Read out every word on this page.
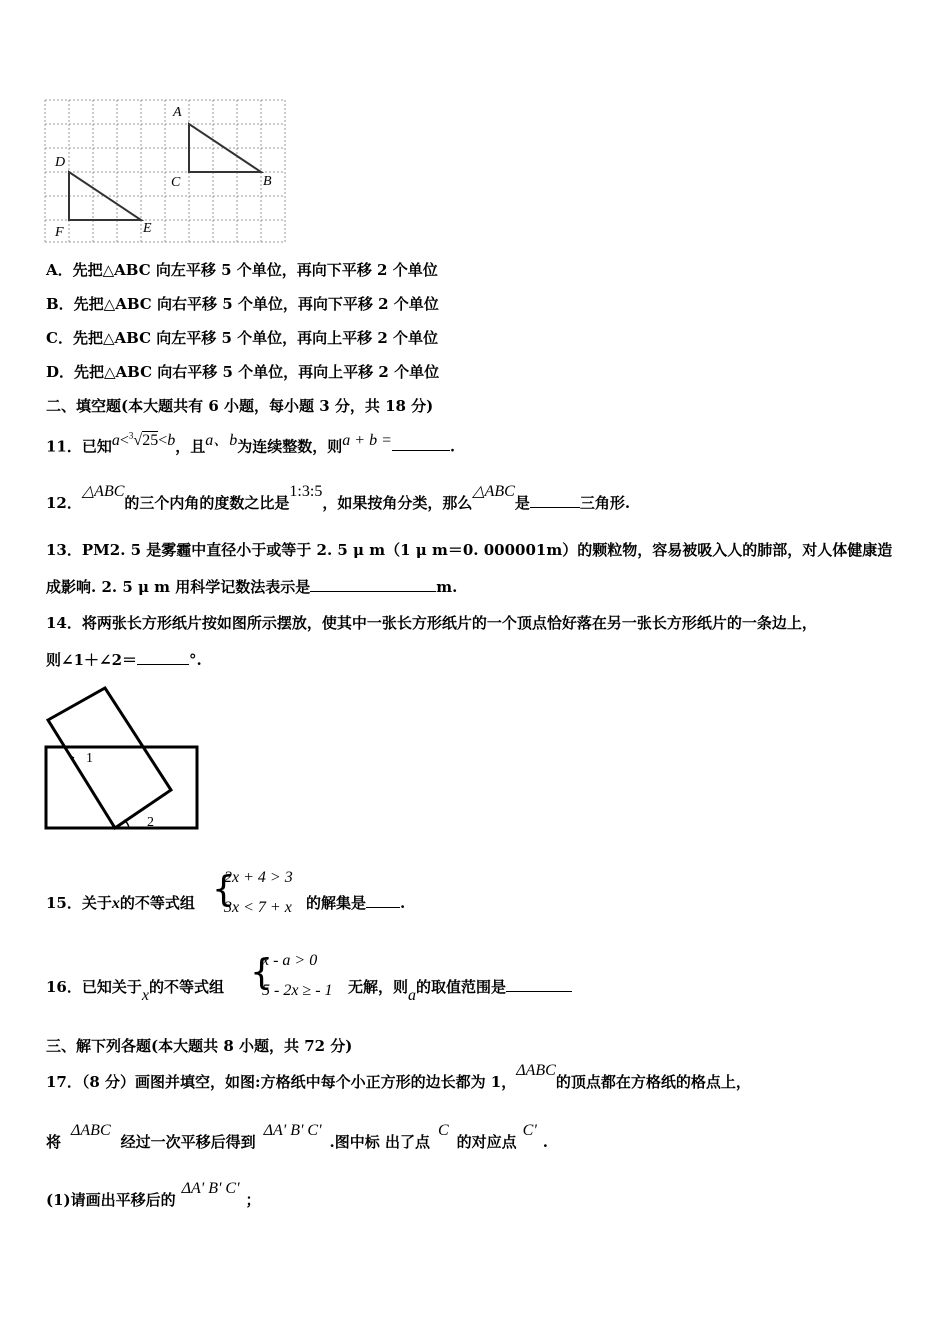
A
B
C
D
E
F
A．先把△ABC 向左平移 5 个单位，再向下平移 2 个单位
B．先把△ABC 向右平移 5 个单位，再向下平移 2 个单位
C．先把△ABC 向左平移 5 个单位，再向上平移 2 个单位
D．先把△ABC 向右平移 5 个单位，再向上平移 2 个单位
二、填空题(本大题共有 6 小题，每小题 3 分，共 18 分)
11．已知a<$^3$√25<b，且a、b为连续整数，则a + b =	.
12．△ABC的三个内角的度数之比是1:3:5，如果按角分类，那么△ABC是	三角形.
13．PM2. 5 是雾霾中直径小于或等于 2. 5 μ m（1 μ m＝0. 000001m）的颗粒物，容易被吸入人的肺部，对人体健康造
成影响. 2. 5 μ m 用科学记数法表示是	m.
14．将两张长方形纸片按如图所示摆放，使其中一张长方形纸片的一个顶点恰好落在另一张长方形纸片的一条边上，
则∠1＋∠2＝	°.
1
2
15．关于x的不等式组 {
2x + 4 > 3
3x < 7 + x 的解集是 .
16．已知关于x的不等式组 {
x - a > 0
5 - 2x ≥ - 1 无解，则a的取值范围是
三、解下列各题(本大题共 8 小题，共 72 分)
17．（8 分）画图并填空，如图:方格纸中每个小正方形的边长都为 1，ΔABC的顶点都在方格纸的格点上，
将ΔABC经过一次平移后得到ΔA' B' C'.图中标 出了点C的对应点C'.
(1)请画出平移后的ΔA' B' C'；
